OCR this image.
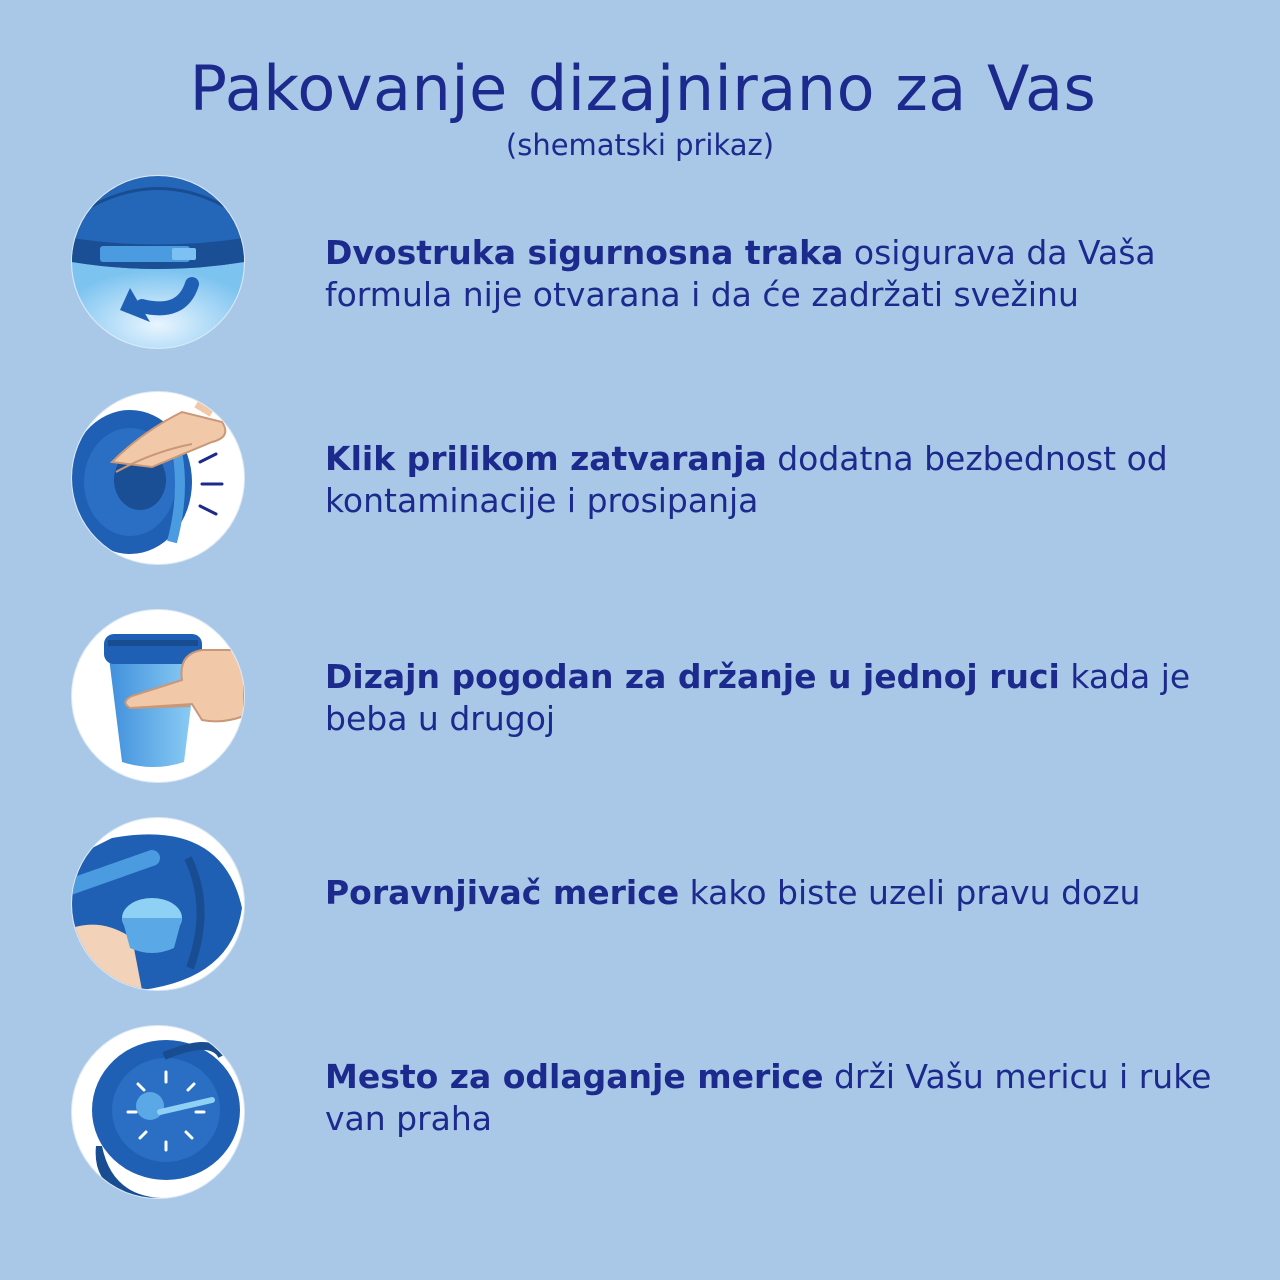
Pakovanje dizajnirano za Vas
(shematski prikaz)
Dvostruka sigurnosna traka osigurava da Vaša formula nije otvarana i da će zadržati svežinu
Klik prilikom zatvaranja dodatna bezbednost od kontaminacije i prosipanja
Dizajn pogodan za držanje u jednoj ruci kada je beba u drugoj
Poravnjivač merice kako biste uzeli pravu dozu
Mesto za odlaganje merice drži Vašu mericu i ruke van praha
